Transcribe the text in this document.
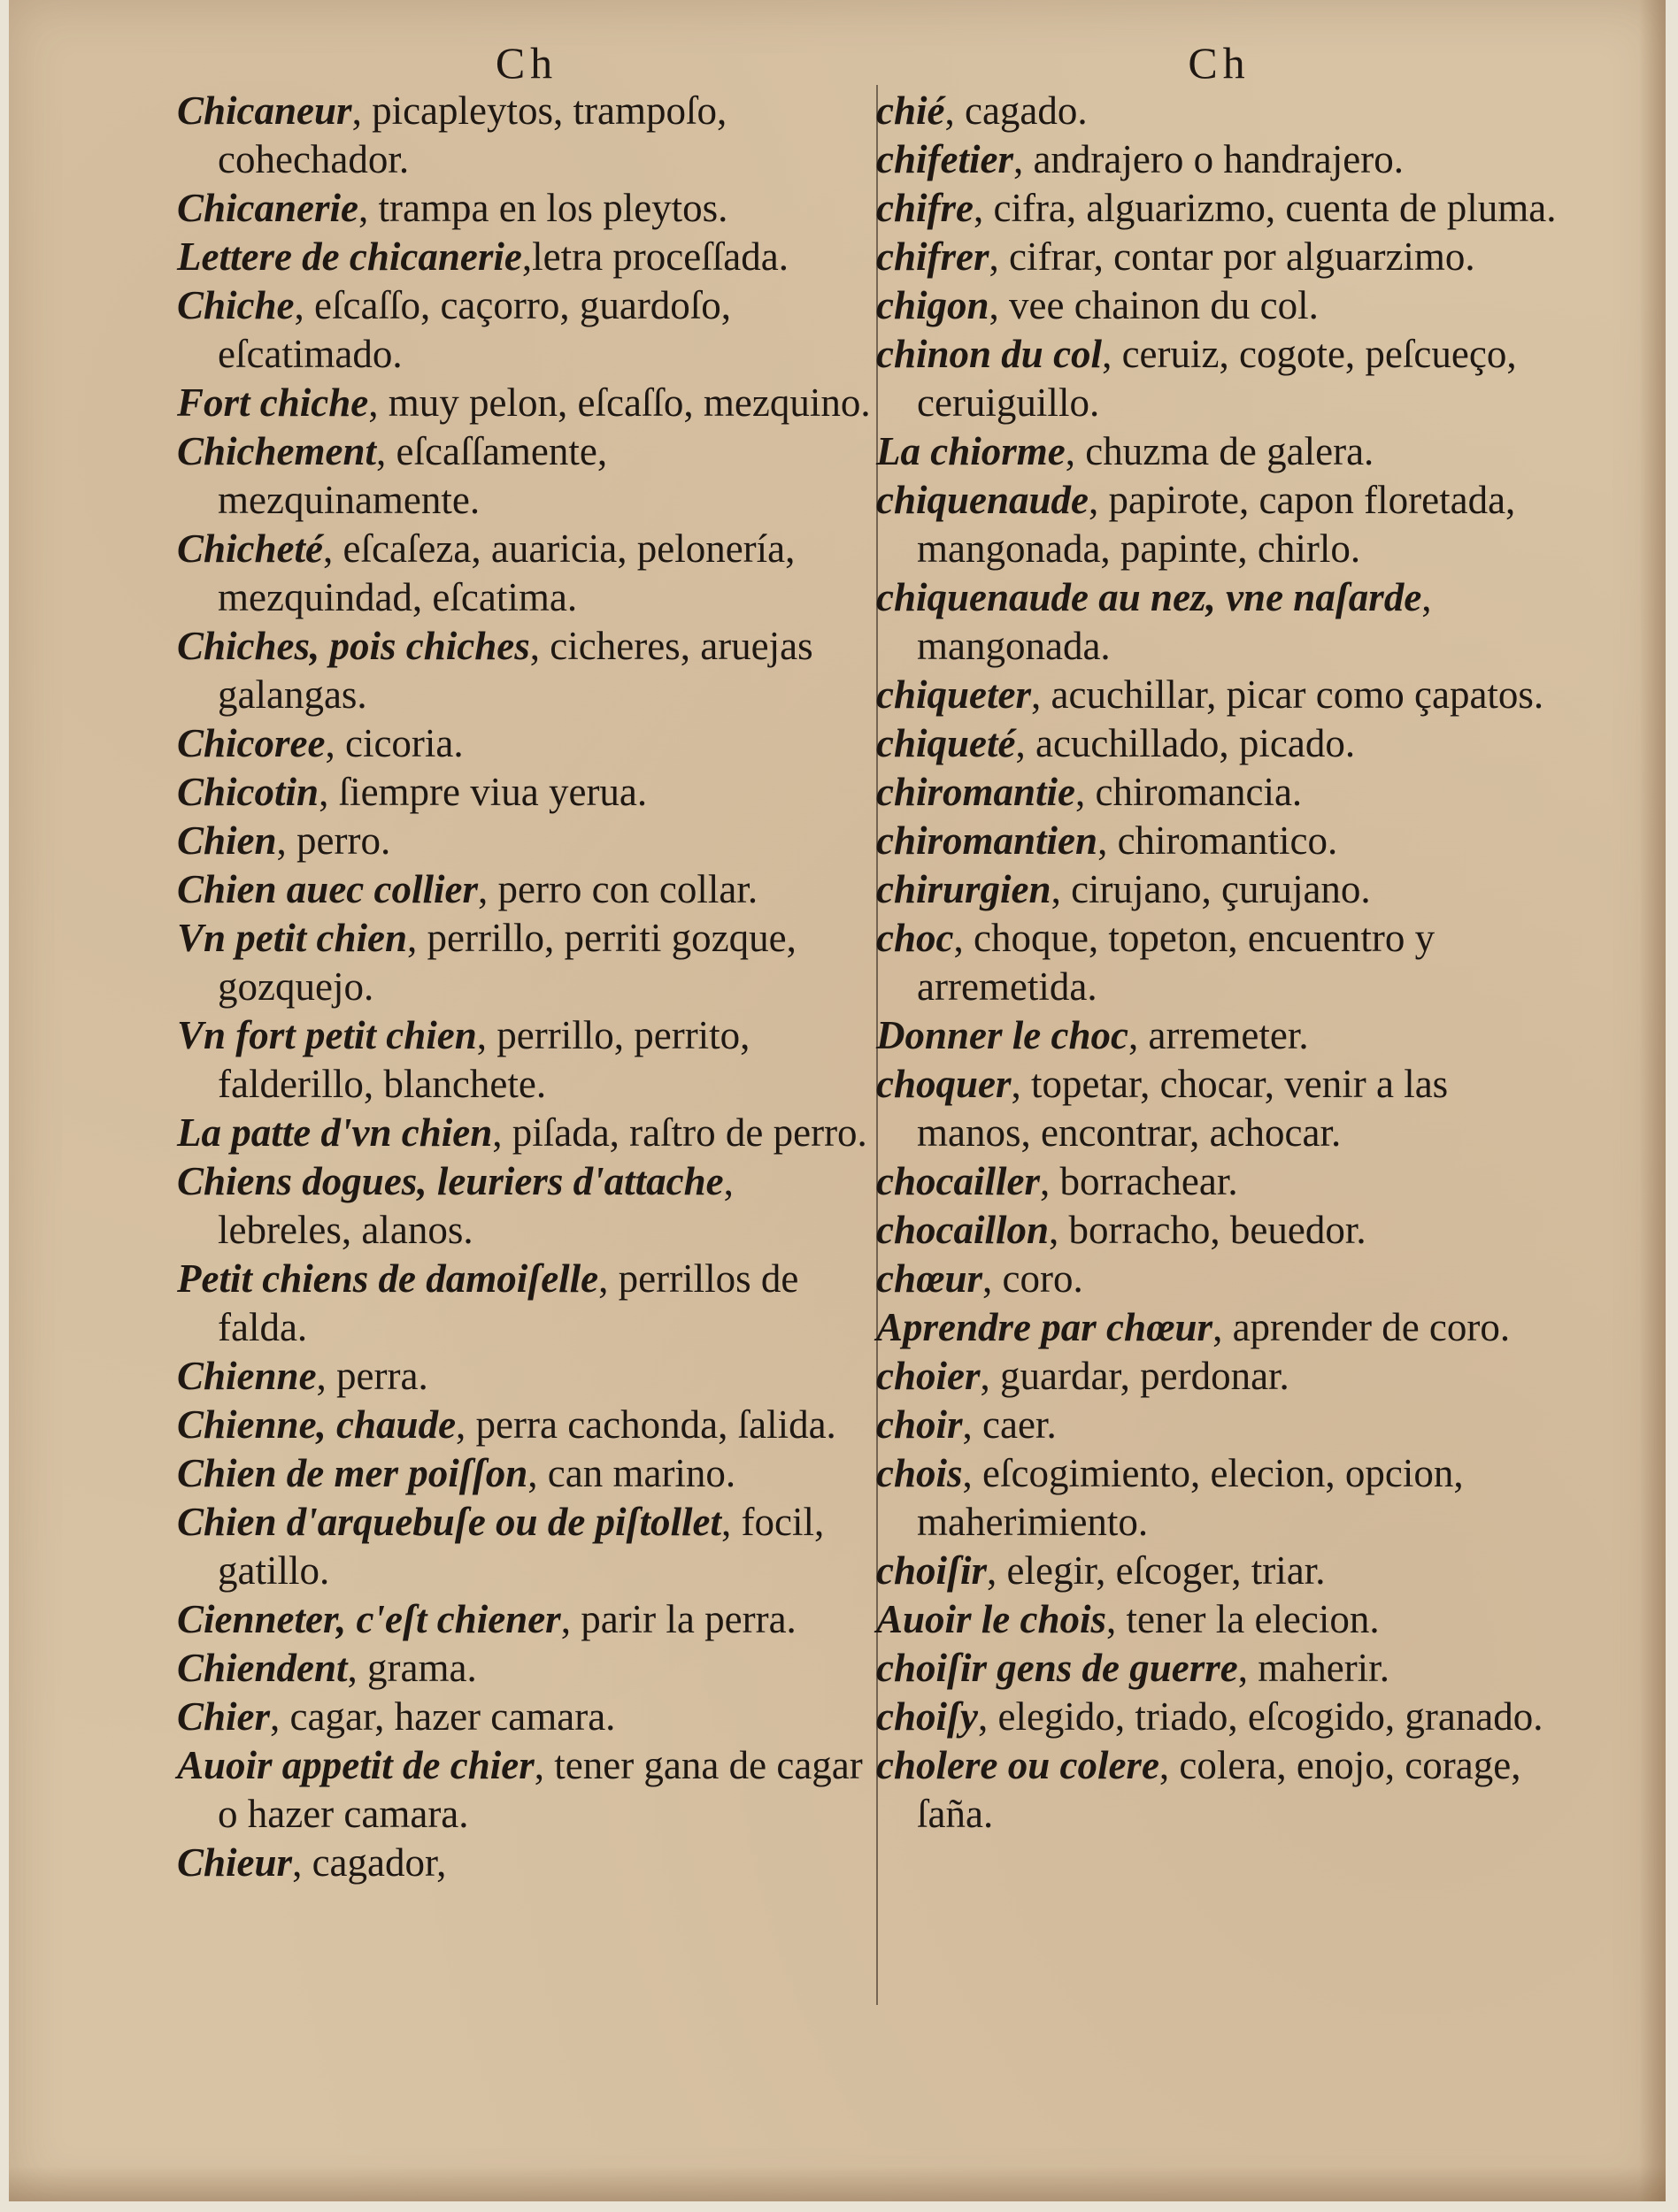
Ch

Chicaneur, picapleytos, trampoſo, cohechador.

Chicanerie, trampa en los pleytos.

Lettere de chicanerie,letra proceſſada.

Chiche, eſcaſſo, caçorro, guardoſo, eſcatimado.

Fort chiche, muy pelon, eſcaſſo, mezquino.

Chichement, eſcaſſamente, mezquinamente.

Chicheté, eſcaſeza, auaricia, pelonería, mezquindad, eſcatima.

Chiches, pois chiches, cicheres, aruejas galangas.

Chicoree, cicoria.

Chicotin, ſiempre viua yerua.

Chien, perro.

Chien auec collier, perro con collar.

Vn petit chien, perrillo, perriti gozque, gozquejo.

Vn fort petit chien, perrillo, perrito, falderillo, blanchete.

La patte d'vn chien, piſada, raſtro de perro.

Chiens dogues, leuriers d'attache, lebreles, alanos.

Petit chiens de damoiſelle, perrillos de falda.

Chienne, perra.

Chienne, chaude, perra cachonda, ſalida.

Chien de mer poiſſon, can marino.

Chien d'arquebuſe ou de piſtollet, focil, gatillo.

Cienneter, c'eſt chiener, parir la perra.

Chiendent, grama.

Chier, cagar, hazer camara.

Auoir appetit de chier, tener gana de cagar o hazer camara.

Chieur, cagador,

Ch

chié, cagado.

chifetier, andrajero o handrajero.

chifre, cifra, alguarizmo, cuenta de pluma.

chifrer, cifrar, contar por alguarzimo.

chigon, vee chainon du col.

chinon du col, ceruiz, cogote, peſcueço, ceruiguillo.

La chiorme, chuzma de galera.

chiquenaude, papirote, capon floretada, mangonada, papinte, chirlo.

chiquenaude au nez, vne naſarde, mangonada.

chiqueter, acuchillar, picar como çapatos.

chiqueté, acuchillado, picado.

chiromantie, chiromancia.

chiromantien, chiromantico.

chirurgien, cirujano, çurujano.

choc, choque, topeton, encuentro y arremetida.

Donner le choc, arremeter.

choquer, topetar, chocar, venir a las manos, encontrar, achocar.

chocailler, borrachear.

chocaillon, borracho, beuedor.

chœur, coro.

Aprendre par chœur, aprender de coro.

choier, guardar, perdonar.

choir, caer.

chois, eſcogimiento, elecion, opcion, maherimiento.

choiſir, elegir, eſcoger, triar.

Auoir le chois, tener la elecion.

choiſir gens de guerre, maherir.

choiſy, elegido, triado, eſcogido, granado.

cholere ou colere, colera, enojo, corage, ſaña.
